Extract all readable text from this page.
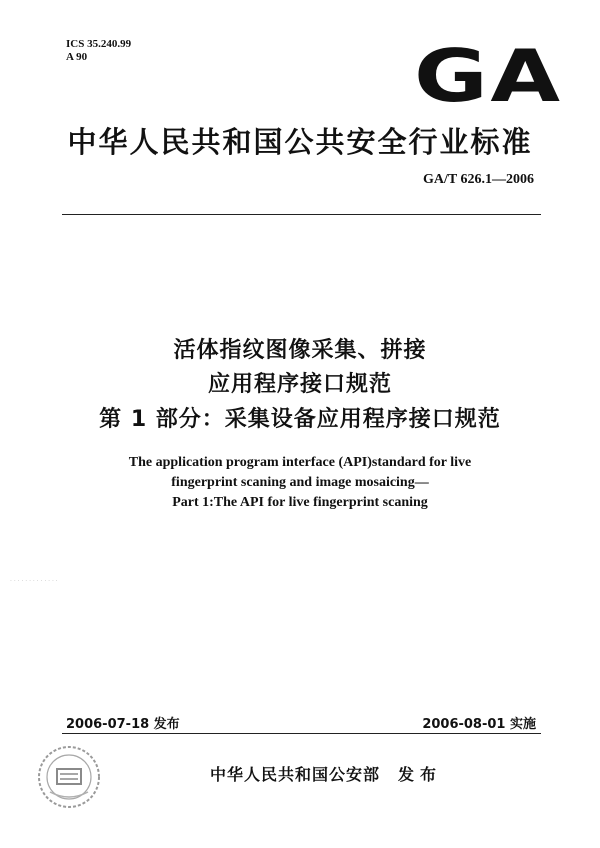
ICS 35.240.99
A 90	GA
中华人民共和国公共安全行业标准
GA/T 626.1—2006
活体指纹图像采集、拼接
应用程序接口规范
第 1 部分：采集设备应用程序接口规范
The application program interface (API)standard for live
fingerprint scaning and image mosaicing—
Part 1:The API for live fingerprint scaning
· · · · · · · · · · · · ·
2006-07-18 发布	2006-08-01 实施
中华人民共和国公安部 发布
